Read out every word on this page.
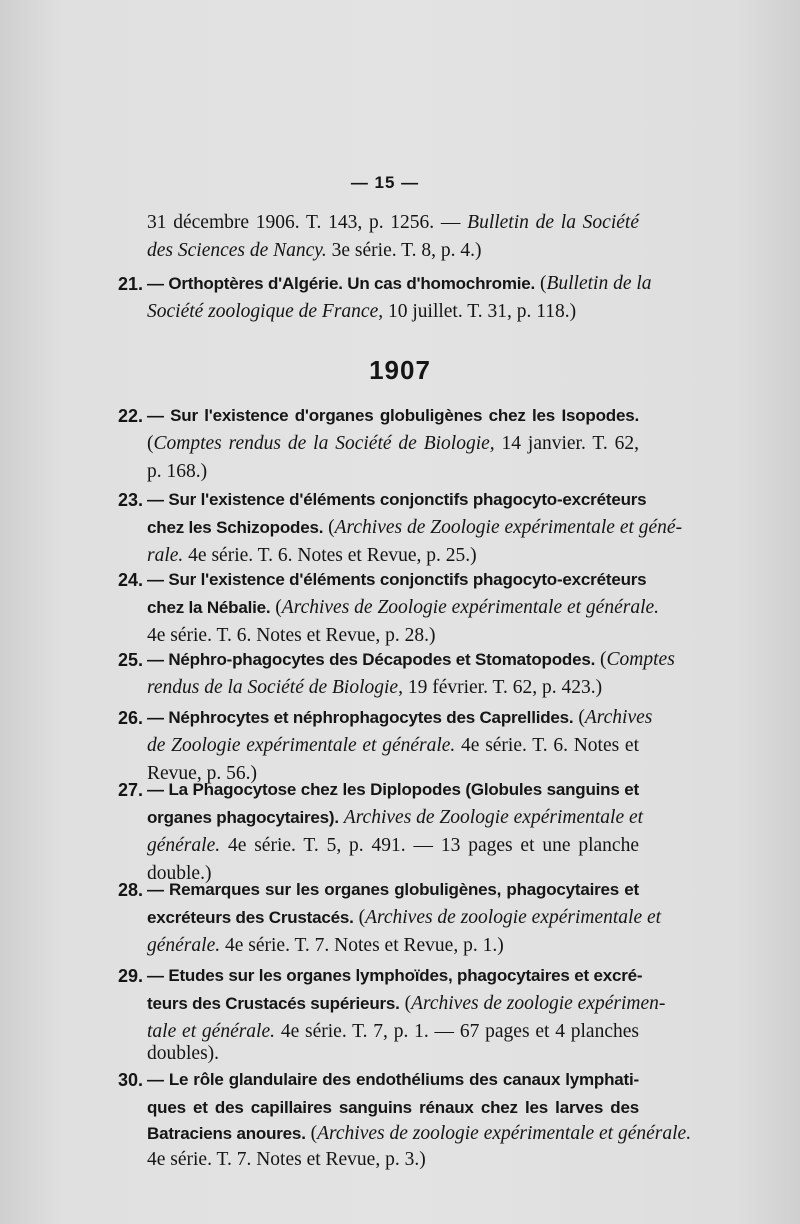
— 15 —
31 décembre 1906. T. 143, p. 1256. — Bulletin de la Société
des Sciences de Nancy. 3e série. T. 8, p. 4.)
21. — Orthoptères d'Algérie. Un cas d'homochromie. (Bulletin de la
Société zoologique de France, 10 juillet. T. 31, p. 118.)
1907
22. — Sur l'existence d'organes globuligènes chez les Isopodes.
(Comptes rendus de la Société de Biologie, 14 janvier. T. 62,
p. 168.)
23. — Sur l'existence d'éléments conjonctifs phagocyto-excréteurs
chez les Schizopodes. (Archives de Zoologie expérimentale et géné-
rale. 4e série. T. 6. Notes et Revue, p. 25.)
24. — Sur l'existence d'éléments conjonctifs phagocyto-excréteurs
chez la Nébalie. (Archives de Zoologie expérimentale et générale.
4e série. T. 6. Notes et Revue, p. 28.)
25. — Néphro-phagocytes des Décapodes et Stomatopodes. (Comptes
rendus de la Société de Biologie, 19 février. T. 62, p. 423.)
26. — Néphrocytes et néphrophagocytes des Caprellides. (Archives
de Zoologie expérimentale et générale. 4e série. T. 6. Notes et
Revue, p. 56.)
27. — La Phagocytose chez les Diplopodes (Globules sanguins et
organes phagocytaires). Archives de Zoologie expérimentale et
générale. 4e série. T. 5, p. 491. — 13 pages et une planche
double.)
28. — Remarques sur les organes globuligènes, phagocytaires et
excréteurs des Crustacés. (Archives de zoologie expérimentale et
générale. 4e série. T. 7. Notes et Revue, p. 1.)
29. — Etudes sur les organes lymphoïdes, phagocytaires et excré-
teurs des Crustacés supérieurs. (Archives de zoologie expérimen-
tale et générale. 4e série. T. 7, p. 1. — 67 pages et 4 planches
doubles).
30. — Le rôle glandulaire des endothéliums des canaux lymphati-
ques et des capillaires sanguins rénaux chez les larves des
Batraciens anoures. (Archives de zoologie expérimentale et générale.
4e série. T. 7. Notes et Revue, p. 3.)
